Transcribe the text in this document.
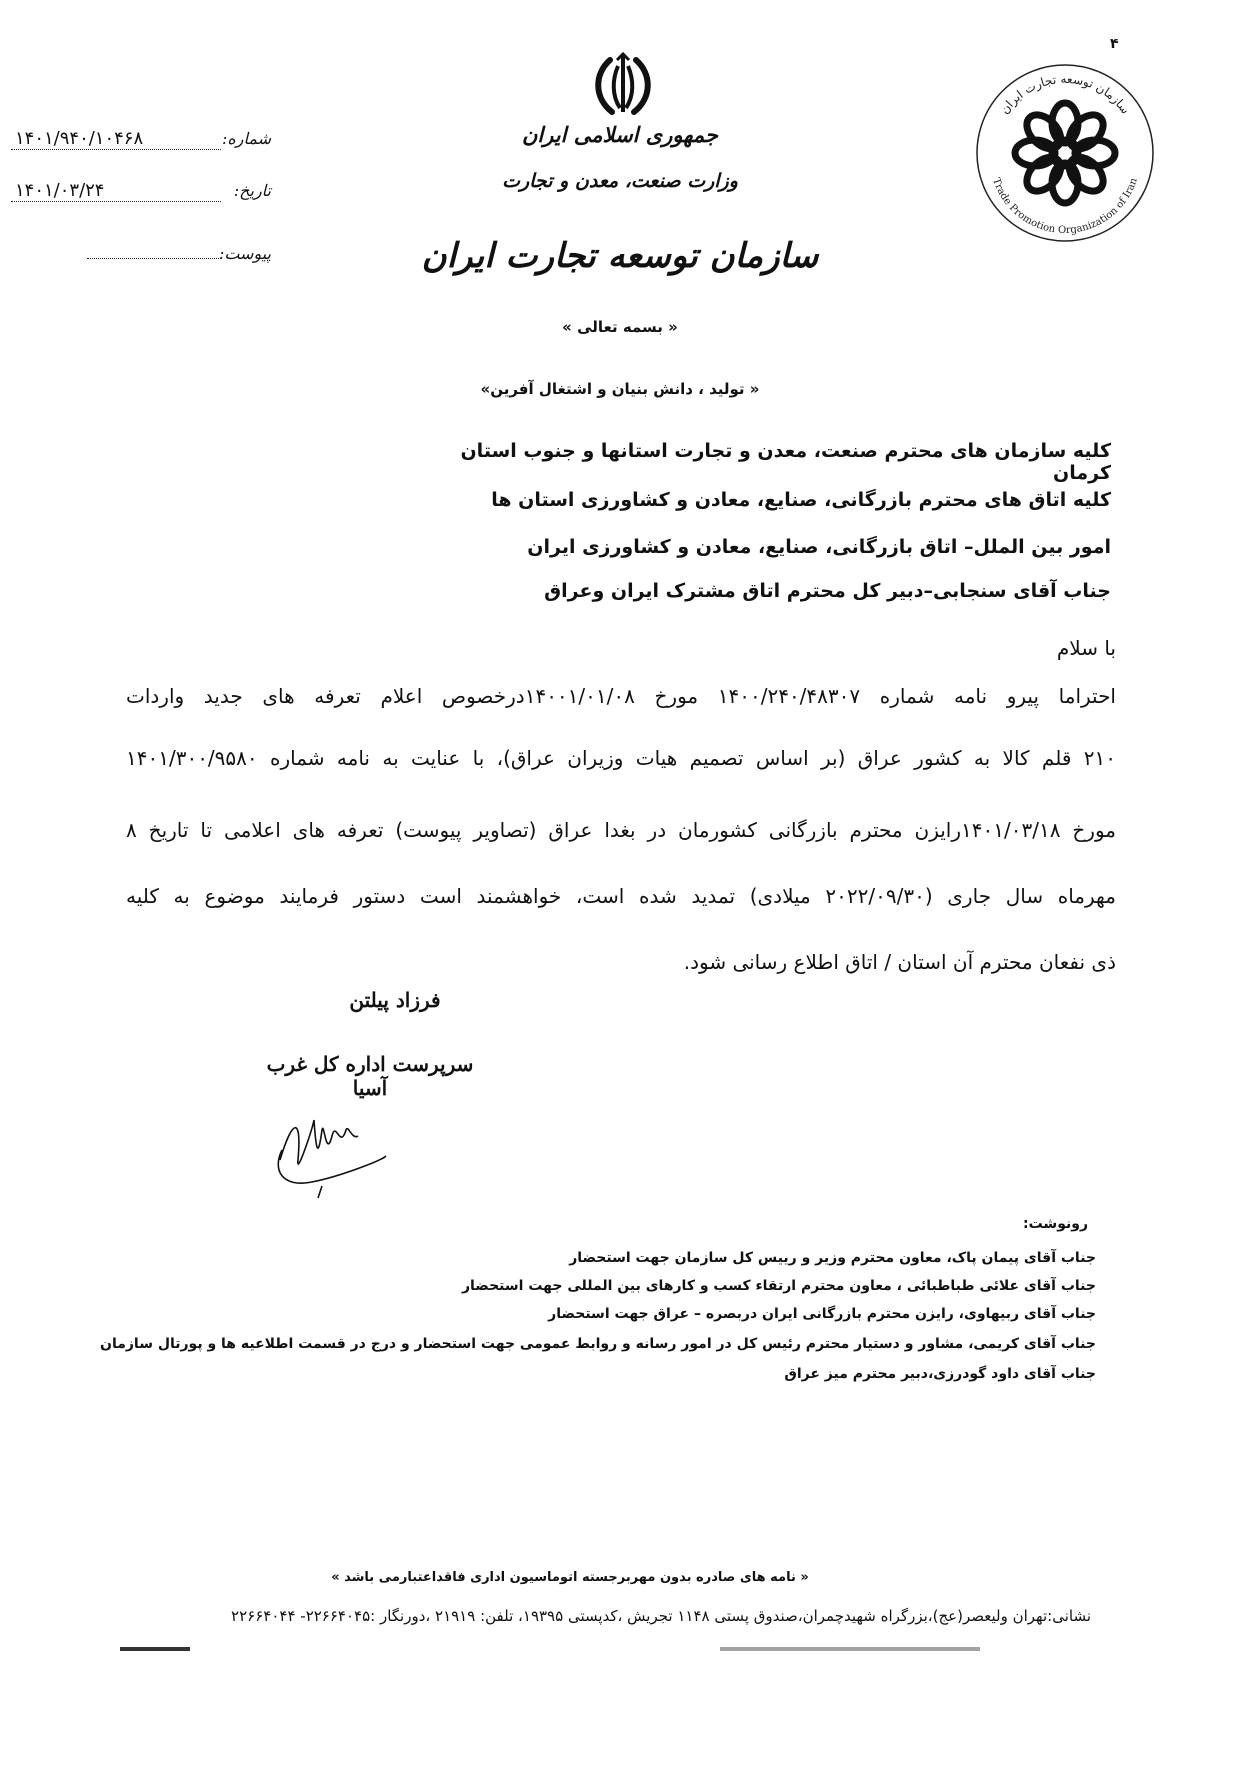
۴
شماره:
۱۴۰۱/۹۴۰/۱۰۴۶۸
تاریخ:
۱۴۰۱/۰۳/۲۴
پیوست:
جمهوری اسلامی ایران
وزارت صنعت، معدن و تجارت
سازمان توسعه تجارت ایران
سازمان توسعه تجارت ایران
Trade Promotion Organization of Iran
« بسمه تعالی »
« تولید ، دانش بنیان و اشتغال آفرین»
کلیه سازمان های محترم صنعت، معدن و تجارت استانها و جنوب استان کرمان
کلیه اتاق های محترم بازرگانی، صنایع، معادن و کشاورزی استان ها
امور بین الملل– اتاق بازرگانی، صنایع، معادن و کشاورزی ایران
جناب آقای سنجابی–دبیر کل محترم اتاق مشترک ایران وعراق
با سلام
احتراما پیرو نامه شماره ۱۴۰۰/۲۴۰/۴۸۳۰۷ مورخ ۱۴۰۰۱/۰۱/۰۸درخصوص اعلام تعرفه های جدید واردات
۲۱۰ قلم کالا به کشور عراق (بر اساس تصمیم هیات وزیران عراق)، با عنایت به نامه شماره ۱۴۰۱/۳۰۰/۹۵۸۰
مورخ ۱۴۰۱/۰۳/۱۸رایزن محترم بازرگانی کشورمان در بغدا عراق (تصاویر پیوست) تعرفه های اعلامی تا تاریخ ۸
مهرماه سال جاری (۲۰۲۲/۰۹/۳۰ میلادی) تمدید شده است، خواهشمند است دستور فرمایند موضوع به کلیه
ذی نفعان محترم آن استان / اتاق اطلاع رسانی شود.
فرزاد پیلتن
سرپرست اداره کل غرب آسیا
رونوشت:
جناب آقای پیمان پاک، معاون محترم وزیر و رییس کل سازمان جهت استحضار
جناب آقای علائی طباطبائی ، معاون محترم ارتقاء کسب و کارهای بین المللی جهت استحضار
جناب آقای ربیهاوی، رایزن محترم بازرگانی ایران دربصره – عراق جهت استحضار
جناب آقای کریمی، مشاور و دستیار محترم رئیس کل در امور رسانه و روابط عمومی جهت استحضار و درج در قسمت اطلاعیه ها و پورتال سازمان
جناب آقای داود گودرزی،دبیر محترم میز عراق
« نامه های صادره بدون مهربرجسته اتوماسیون اداری فاقداعتبارمی باشد »
نشانی:تهران ولیعصر(عج)،بزرگراه شهیدچمران،صندوق پستی ۱۱۴۸ تجریش ،کدپستی ۱۹۳۹۵، تلفن: ۲۱۹۱۹ ،دورنگار :۲۲۶۶۴۰۴۵- ۲۲۶۶۴۰۴۴
